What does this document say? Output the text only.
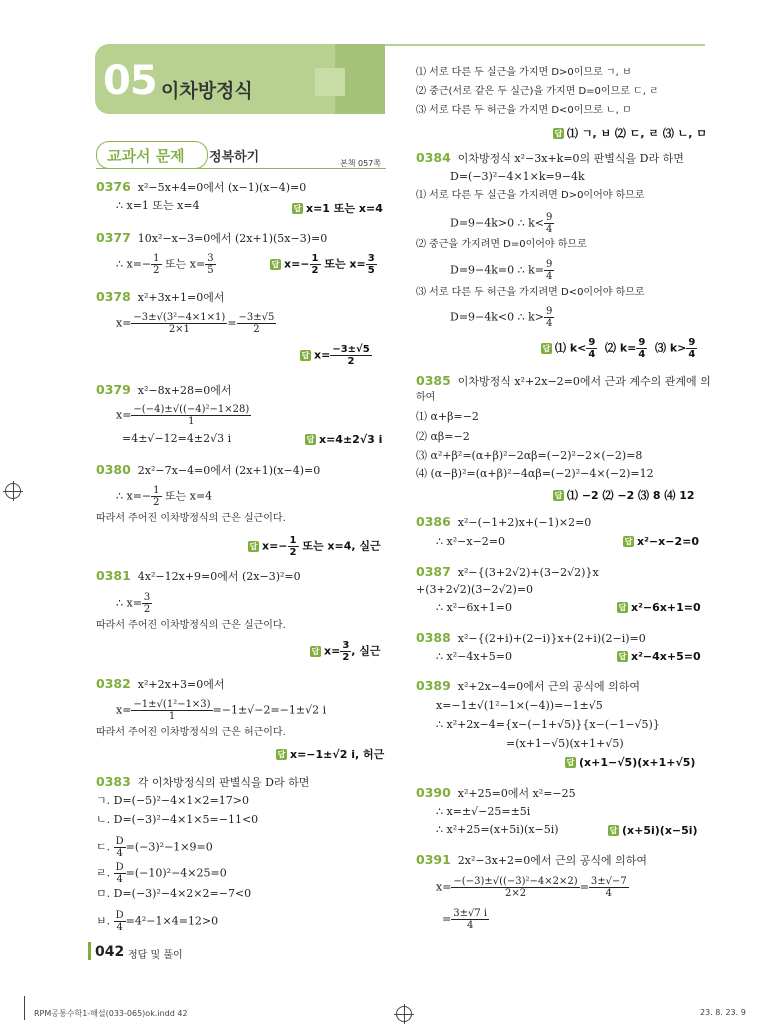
05 이차방정식
교과서 문제 정복하기	본책 057쪽
0376 x²−5x+4=0에서 (x−1)(x−4)=0
∴ x=1 또는 x=4	답 x=1 또는 x=4
0377 10x²−x−3=0에서 (2x+1)(5x−3)=0
∴ $x=- \frac{1}{2}$ 또는 $x= \frac{3}{5}$	답 $x=- \frac{1}{2}$ 또는 $x= \frac{3}{5}$
0378 x²+3x+1=0에서
$x= \frac{\text{−3±√(3²−4×1×1)}}{2\times 1} = \frac{-3\pm√5}{2}$
답 $x= \frac{-3\pm√5}{2}$
0379 x²−8x+28=0에서
$x= \frac{\text{−(−4)±√((−4)²−1×28)}}{1}$
=4±√−12=4±2√3 i	답 x=4±2√3 i
0380 2x²−7x−4=0에서 (2x+1)(x−4)=0
∴ $x=- \frac{1}{2}$ 또는 x=4
따라서 주어진 이차방정식의 근은 실근이다.
답 $x=- \frac{1}{2}$ 또는 x=4, 실근
0381 4x²−12x+9=0에서 (2x−3)²=0
∴ $x= \frac{3}{2}$
따라서 주어진 이차방정식의 근은 실근이다.
답 $x= \frac{3}{2}$ , 실근
0382 x²+2x+3=0에서
$x= \frac{\text{−1±√(1²−1×3)}}{1} =-1\pm√-2=-1\pm√2$ i
따라서 주어진 이차방정식의 근은 허근이다.
답 x=−1±√2 i, 허근
0383 각 이차방정식의 판별식을 D라 하면
ㄱ. D=(−5)²−4×1×2=17>0
ㄴ. D=(−3)²−4×1×5=−11<0
ㄷ. $\frac{D}{4} =(-3)^2-1\times 9=0$
ㄹ. $\frac{D}{4} =(-10)^2-4\times 25=0$
ㅁ. D=(−3)²−4×2×2=−7<0
ㅂ. $\frac{D}{4} =4^2-1\times 4=12>0$
⑴ 서로 다른 두 실근을 가지면 D>0이므로 ㄱ, ㅂ
⑵ 중근(서로 같은 두 실근)을 가지면 D=0이므로 ㄷ, ㄹ
⑶ 서로 다른 두 허근을 가지면 D<0이므로 ㄴ, ㅁ
답 ⑴ ㄱ, ㅂ ⑵ ㄷ, ㄹ ⑶ ㄴ, ㅁ
0384 이차방정식 x²−3x+k=0의 판별식을 D라 하면
D=(−3)²−4×1×k=9−4k
⑴ 서로 다른 두 실근을 가지려면 D>0이어야 하므로
D=9−4k>0 ∴ $k< \frac{9}{4}$
⑵ 중근을 가지려면 D=0이어야 하므로
D=9−4k=0 ∴ $k= \frac{9}{4}$
⑶ 서로 다른 두 허근을 가지려면 D<0이어야 하므로
D=9−4k<0 ∴ $k> \frac{9}{4}$
답 ⑴ $k< \frac{9}{4}$ ⑵ $k= \frac{9}{4}$ ⑶ $k> \frac{9}{4}$
0385 이차방정식 x²+2x−2=0에서 근과 계수의 관계에 의
하여
⑴ α+β=−2
⑵ αβ=−2
⑶ α²+β²=(α+β)²−2αβ=(−2)²−2×(−2)=8
⑷ (α−β)²=(α+β)²−4αβ=(−2)²−4×(−2)=12
답 ⑴ −2 ⑵ −2 ⑶ 8 ⑷ 12
0386 x²−(−1+2)x+(−1)×2=0
∴ x²−x−2=0	답 x²−x−2=0
0387 x²−{(3+2√2)+(3−2√2)}x
+(3+2√2)(3−2√2)=0
∴ x²−6x+1=0	답 x²−6x+1=0
0388 x²−{(2+i)+(2−i)}x+(2+i)(2−i)=0
∴ x²−4x+5=0	답 x²−4x+5=0
0389 x²+2x−4=0에서 근의 공식에 의하여
x=−1±√(1²−1×(−4))=−1±√5
∴ x²+2x−4={x−(−1+√5)}{x−(−1−√5)}
=(x+1−√5)(x+1+√5)
답 (x+1−√5)(x+1+√5)
0390 x²+25=0에서 x²=−25
∴ x=±√−25=±5i
∴ x²+25=(x+5i)(x−5i)	답 (x+5i)(x−5i)
0391 2x²−3x+2=0에서 근의 공식에 의하여
$x= \frac{\text{−(−3)±√((−3)²−4×2×2)}}{2\times 2} = \frac{3\pm√-7}{4}$
= $\frac{3\pm√7 i}{4}$
042 정답 및 풀이
RPM공통수학1-해설(033-065)ok.indd 42	23. 8. 23. 9
